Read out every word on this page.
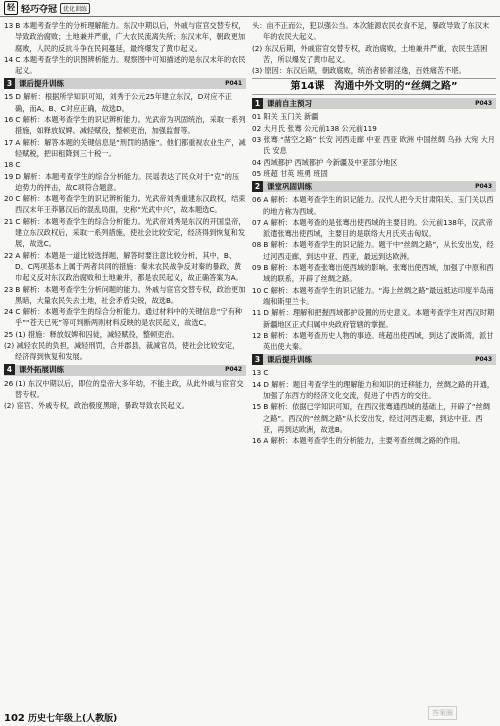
轻 轻巧夺冠	优化训练

13 B 本题考查学生的分析理解能力。东汉中期以后，外戚与宦官交替专权，导致政治腐败；土地兼并严重，广大农民流离失所；东汉末年，朝政更加腐败，人民的反抗斗争在民间蔓延，最终爆发了黄巾起义。

14 C 本题考查学生的识图辨析能力。观察图中可知描述的是东汉末年的农民起义。

3 课后提升训练	P041

15 D 解析：根据所学知识可知，刘秀于公元25年建立东汉，D对应不正确，而A、B、C对应正确，故选D。

16 C 解析：本题考查学生的识记辨析能力。光武帝为巩固统治，采取一系列措施，如释放奴婢、减轻赋役，整顿吏治，加强监督等。

17 A 解析：解答本题的关键信息是“刑罚的措施”。他们都重视农业生产，减轻赋税，把田租降到三十税一。

18 C

19 D 解析：本题考查学生的综合分析能力。民谣表达了民众对于“克”的压迫势力的抨击，故C项符合题意。

20 C 解析：本题考查学生的识记辨析能力。光武帝刘秀重建东汉政权，结束西汉末年王莽篡汉后的混乱局面，史称“光武中兴”，故本题选C。

21 C 解析：本题考查学生的综合分析能力。光武帝刘秀是东汉的开国皇帝，建立东汉政权后，采取一系列措施，使社会比较安定，经济得到恢复和发展，故选C。

22 A 解析：本题是一道比较选择题，解答时要注意比较分析，其中，B、D、C两项基本上属于两者共同的措施：秦末农民战争反对秦的暴政，黄巾起义反对东汉政治腐败和土地兼并，都是农民起义，故正确答案为A。

23 B 解析：本题考查学生分析问题的能力。外戚与宦官交替专权，政治更加黑暗，大量农民失去土地，社会矛盾尖锐，故选B。

24 C 解析：本题考查学生的综合分析能力。通过材料中的关键信息“宁有种乎”“苍天已死”等可判断两则材料反映的是农民起义，故选C。

25 (1) 措施：释放奴婢和囚徒，减轻赋役，整顿吏治。

(2) 减轻农民的负担，减轻刑罚，合并郡县，裁减官员，使社会比较安定，经济得到恢复和发展。

4 课外拓展训练	P042

26 (1) 东汉中期以后，即位的皇帝大多年幼，不能主政，从此外戚与宦官交替专权。

(2) 宦官、外戚专权，政治极度黑暗，暴政导致农民起义。

头：亩不正而公，犯以强公当。本次能源农民衣食不足，暴政导致了东汉末年的农民大起义。

(2) 东汉后期，外戚宦官交替专权，政治腐败，土地兼并严重，农民生活困苦，所以爆发了黄巾起义。

(3) 原因：东汉后期，朝政腐败，统治者骄奢淫逸，百姓痛苦不堪。

第14课 沟通中外文明的“丝绸之路”
1 课前自主预习	P043

01 阳关 玉门关 新疆

02 大月氏 张骞 公元前138 公元前119

03 张骞 “凿空之路” 长安 河西走廊 中亚 西亚 欧洲 中国丝绸 乌孙 大宛 大月氏 安息

04 西域都护 西域都护 今新疆及中亚部分地区

05 班超 甘英 班勇 班固

2 课堂巩固训练	P043

06 A 解析：本题考查学生的识记能力。汉代人把今天甘肃阳关、玉门关以西的地方称为西域。

07 A 解析：本题考查的是张骞出使西域的主要目的。公元前138年，汉武帝派遣张骞出使西域，主要目的是联络大月氏夹击匈奴。

08 B 解析：本题考查学生的识记能力。题干中“丝绸之路”，从长安出发，经过河西走廊，到达中亚、西亚，最远到达欧洲。

09 B 解析：本题考查张骞出使西域的影响。张骞出使西域，加强了中原和西域的联系，开辟了丝绸之路。

10 C 解析：本题考查学生的识记能力。“海上丝绸之路”最远抵达印度半岛南端和斯里兰卡。

11 D 解析：理解和把握西域都护设置的历史意义。本题考查学生对西汉时期新疆地区正式归属中央政府管辖的掌握。

12 B 解析：本题考查历史人物的事迹。班超出使西域，到达了波斯湾，派甘英出使大秦。

3 课后提升训练	P043

13 C

14 D 解析：题目考查学生的理解能力和知识的迁移能力，丝绸之路的开通，加强了东西方的经济文化交流，促进了中西方的交往。

15 B 解析：依据已学知识可知，在西汉张骞通西域的基础上，开辟了“丝绸之路”。西汉的“丝绸之路”从长安出发，经过河西走廊，到达中亚、西亚，再到达欧洲，故选B。

16 A 解析：本题考查学生的分析能力，主要考查丝绸之路的作用。

102 历史七年级上(人教版)
答案圈
